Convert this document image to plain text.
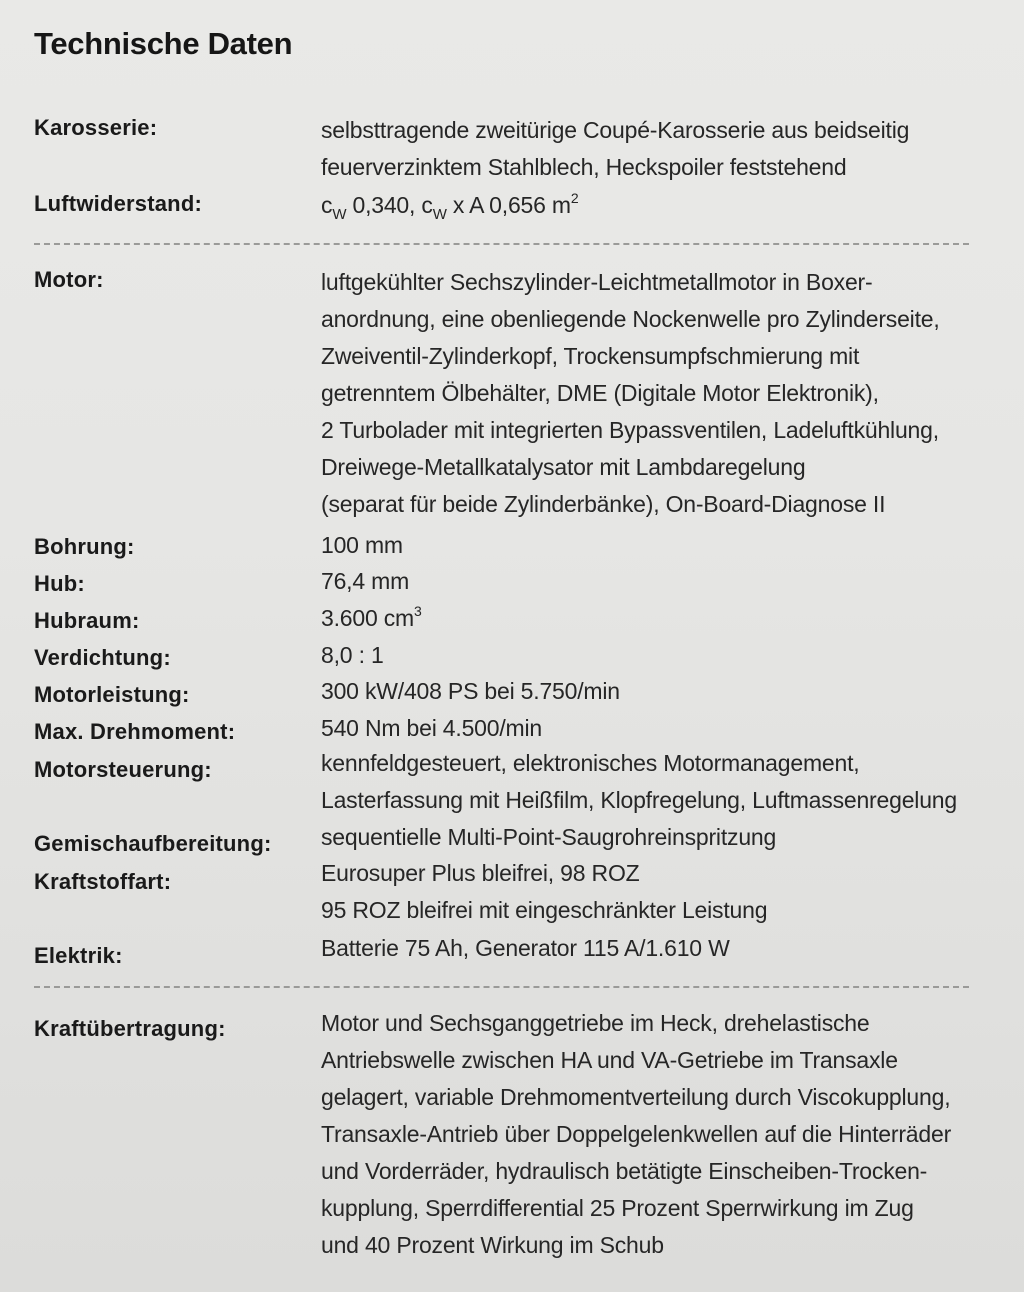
Technische Daten
Karosserie:	selbsttragende zweitürige Coupé-Karosserie aus beidseitig
feuerverzinktem Stahlblech, Heckspoiler feststehend
Luftwiderstand:	$c_W$ 0,340, $c_W$ x A 0,656 $m^2$
Motor:	luftgekühlter Sechszylinder-Leichtmetallmotor in Boxer-
anordnung, eine obenliegende Nockenwelle pro Zylinderseite,
Zweiventil-Zylinderkopf, Trockensumpfschmierung mit
getrenntem Ölbehälter, DME (Digitale Motor Elektronik),
2 Turbolader mit integrierten Bypassventilen, Ladeluftkühlung,
Dreiwege-Metallkatalysator mit Lambdaregelung
(separat für beide Zylinderbänke), On-Board-Diagnose II
Bohrung:	100 mm
Hub:	76,4 mm
Hubraum:	3.600 $cm^3$
Verdichtung:	8,0 : 1
Motorleistung:	300 kW/408 PS bei 5.750/min
Max. Drehmoment:	540 Nm bei 4.500/min
Motorsteuerung:	kennfeldgesteuert, elektronisches Motormanagement,
Lasterfassung mit Heißfilm, Klopfregelung, Luftmassenregelung
Gemischaufbereitung: sequentielle Multi-Point-Saugrohreinspritzung
Kraftstoffart:	Eurosuper Plus bleifrei, 98 ROZ
95 ROZ bleifrei mit eingeschränkter Leistung
Elektrik:	Batterie 75 Ah, Generator 115 A/1.610 W
Kraftübertragung:	Motor und Sechsganggetriebe im Heck, drehelastische
Antriebswelle zwischen HA und VA-Getriebe im Transaxle
gelagert, variable Drehmomentverteilung durch Viscokupplung,
Transaxle-Antrieb über Doppelgelenkwellen auf die Hinterräder
und Vorderräder, hydraulisch betätigte Einscheiben-Trocken-
kupplung, Sperrdifferential 25 Prozent Sperrwirkung im Zug
und 40 Prozent Wirkung im Schub
